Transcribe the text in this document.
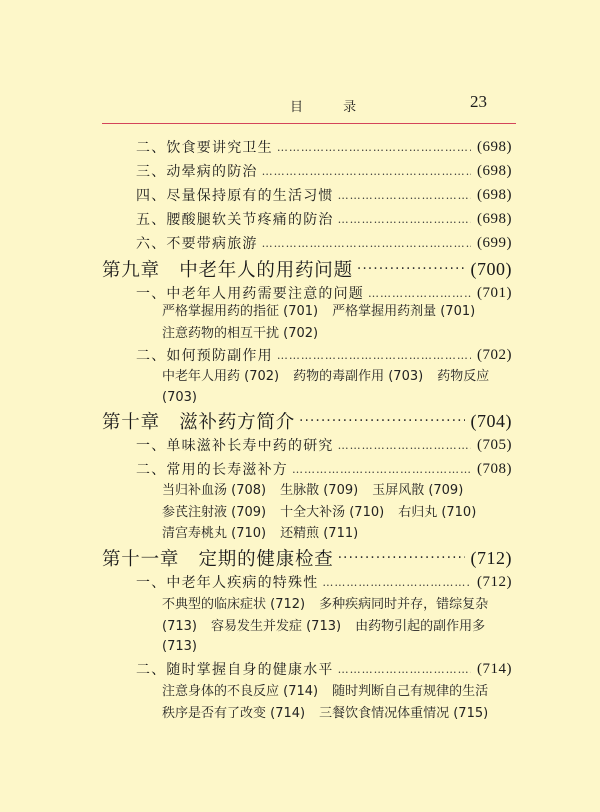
目 录	23
二、饮食要讲究卫生 …………………………………………………………………………………………………	(698)
三、动晕病的防治 …………………………………………………………………………………………………	(698)
四、尽量保持原有的生活习惯 …………………………………………………………………………………………………	(698)
五、腰酸腿软关节疼痛的防治 …………………………………………………………………………………………………	(698)
六、不要带病旅游 …………………………………………………………………………………………………	(699)
第九章　中老年人的用药问题 ·····	(700)
一、中老年人用药需要注意的问题 …………………………………………………………………………………………………	(701)
严格掌握用药的指征 (701) 严格掌握用药剂量 (701)
注意药物的相互干扰 (702)
二、如何预防副作用 …………………………………………………………………………………………………	(702)
中老年人用药 (702) 药物的毒副作用 (703) 药物反应
(703)
第十章　滋补药方简介 ·····	(704)
一、单味滋补长寿中药的研究 …………………………………………………………………………………………………	(705)
二、常用的长寿滋补方 …………………………………………………………………………………………………	(708)
当归补血汤 (708) 生脉散 (709) 玉屏风散 (709)
参芪注射液 (709) 十全大补汤 (710) 右归丸 (710)
清宫寿桃丸 (710) 还精煎 (711)
第十一章　定期的健康检查 ·····	(712)
一、中老年人疾病的特殊性 …………………………………………………………………………………………………	(712)
不典型的临床症状 (712) 多种疾病同时并存，错综复杂
(713) 容易发生并发症 (713) 由药物引起的副作用多
(713)
二、随时掌握自身的健康水平 …………………………………………………………………………………………………	(714)
注意身体的不良反应 (714) 随时判断自己有规律的生活
秩序是否有了改变 (714) 三餐饮食情况体重情况 (715)
